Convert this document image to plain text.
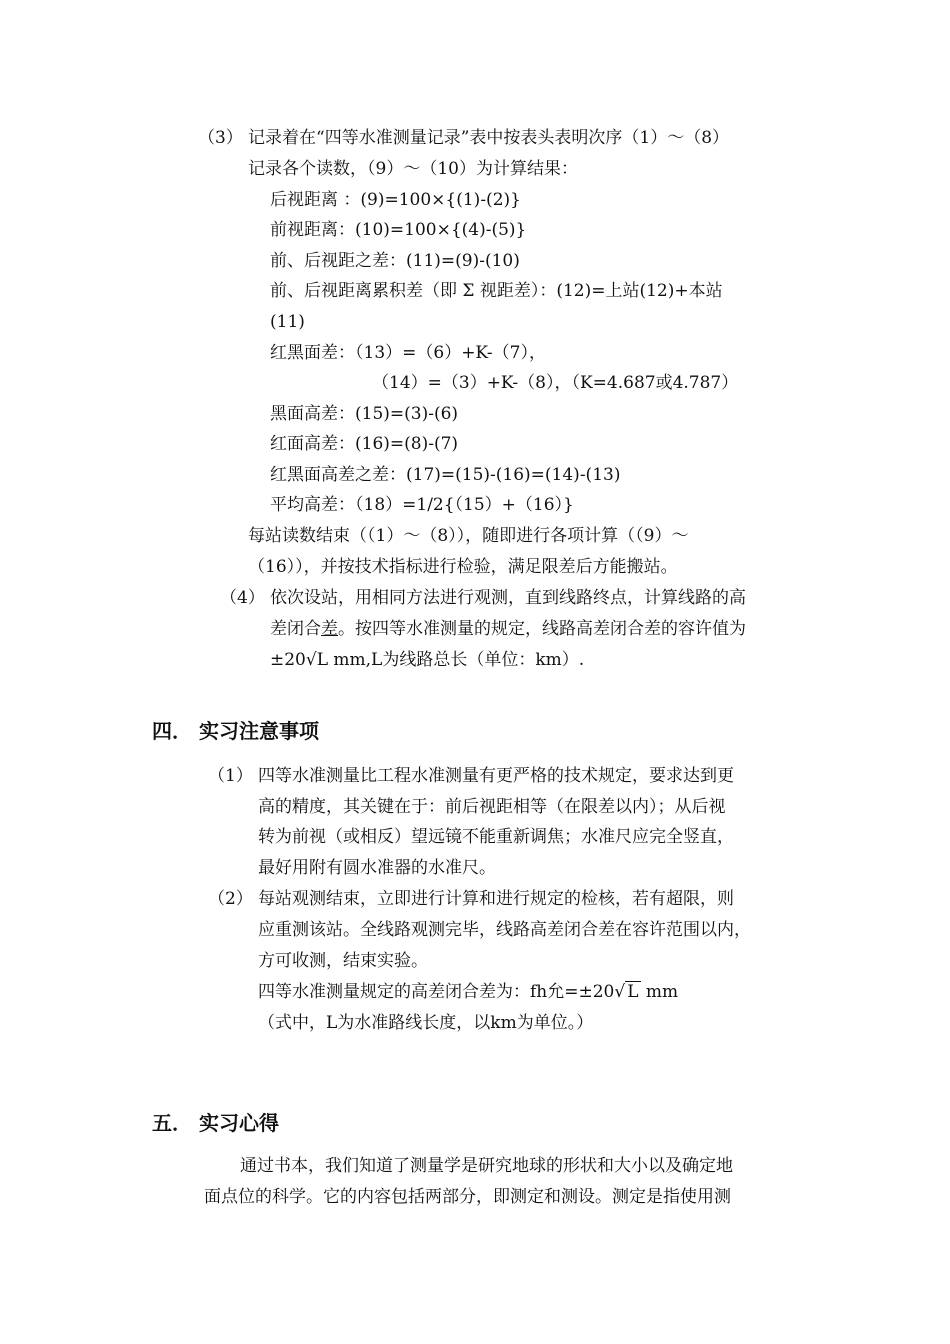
（3） 记录着在“四等水准测量记录”表中按表头表明次序（1）～（8）
记录各个读数，（9）～（10）为计算结果：
后视距离 ：(9)=100×{(1)-(2)}
前视距离：(10)=100×{(4)-(5)}
前、后视距之差：(11)=(9)-(10)
前、后视距离累积差（即 Σ 视距差）：(12)=上站(12)+本站
(11)
红黑面差：（13）=（6）+K-（7），
（14）=（3）+K-（8），（K=4.687或4.787）
黑面高差：(15)=(3)-(6)
红面高差：(16)=(8)-(7)
红黑面高差之差：(17)=(15)-(16)=(14)-(13)
平均高差：（18）=1/2{（15）+（16）}
每站读数结束（（1）～（8）），随即进行各项计算（（9）～
（16）），并按技术指标进行检验，满足限差后方能搬站。
（4） 依次设站，用相同方法进行观测，直到线路终点，计算线路的高
差闭合差。按四等水准测量的规定，线路高差闭合差的容许值为
±20√L mm,L为线路总长（单位：km）.
四． 实习注意事项
（1） 四等水准测量比工程水准测量有更严格的技术规定，要求达到更
高的精度，其关键在于：前后视距相等（在限差以内）；从后视
转为前视（或相反）望远镜不能重新调焦；水准尺应完全竖直，
最好用附有圆水准器的水准尺。
（2） 每站观测结束，立即进行计算和进行规定的检核，若有超限，则
应重测该站。全线路观测完毕，线路高差闭合差在容许范围以内，
方可收测，结束实验。
四等水准测量规定的高差闭合差为：fh允=±20√ L mm
（式中，L为水准路线长度，以km为单位。）
五． 实习心得
通过书本，我们知道了测量学是研究地球的形状和大小以及确定地
面点位的科学。它的内容包括两部分，即测定和测设。测定是指使用测
